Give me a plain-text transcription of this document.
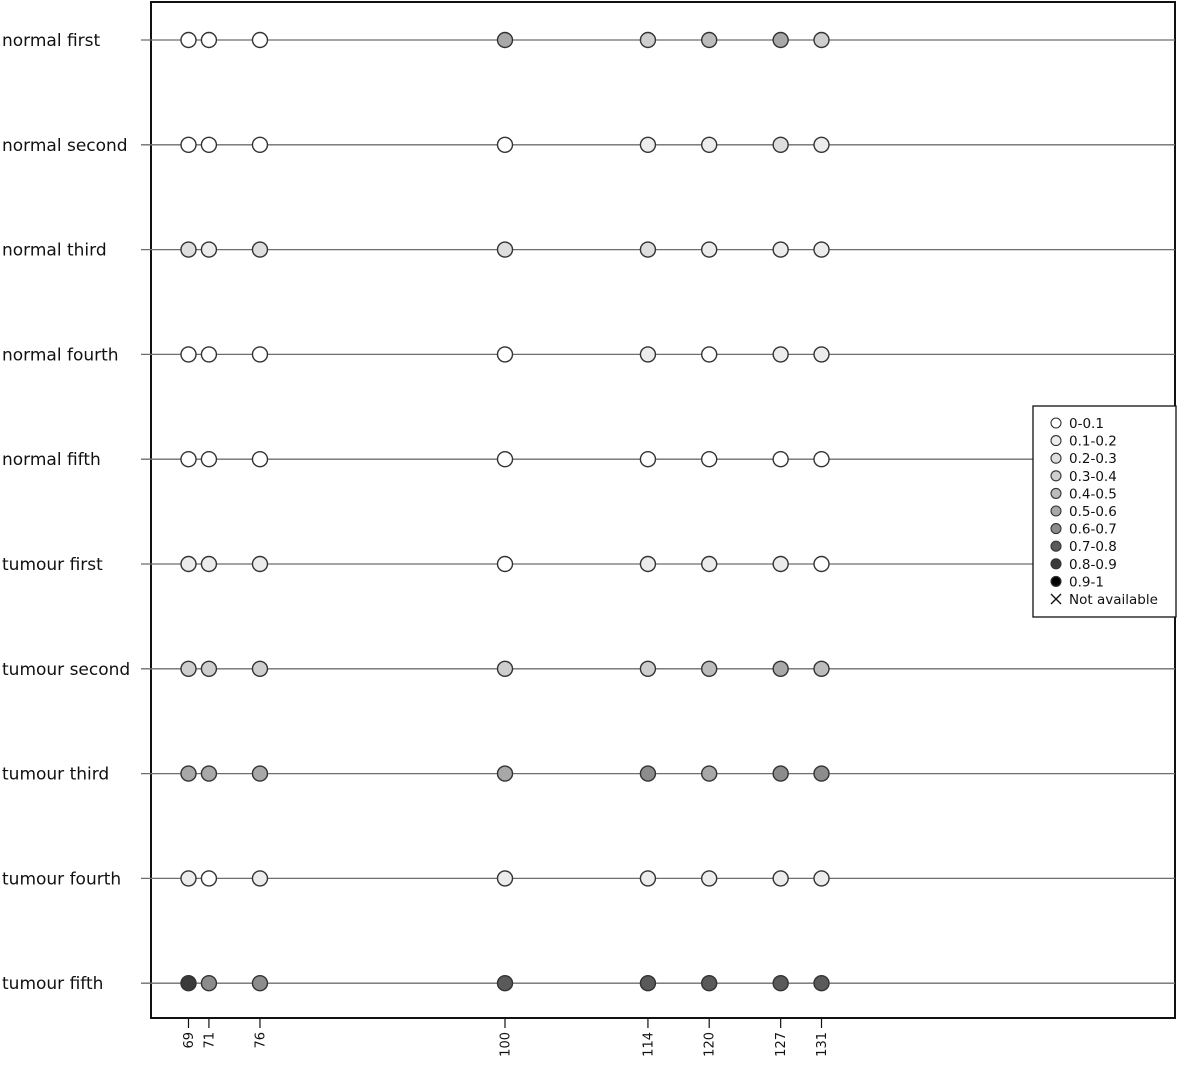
normal first
normal second
normal third
normal fourth
normal fifth
tumour first
tumour second
tumour third
tumour fourth
tumour fifth
69 71	76	100	114	120	127 131
0-0.1
0.1-0.2
0.2-0.3
0.3-0.4
0.4-0.5
0.5-0.6
0.6-0.7
0.7-0.8
0.8-0.9
0.9-1
Not available
